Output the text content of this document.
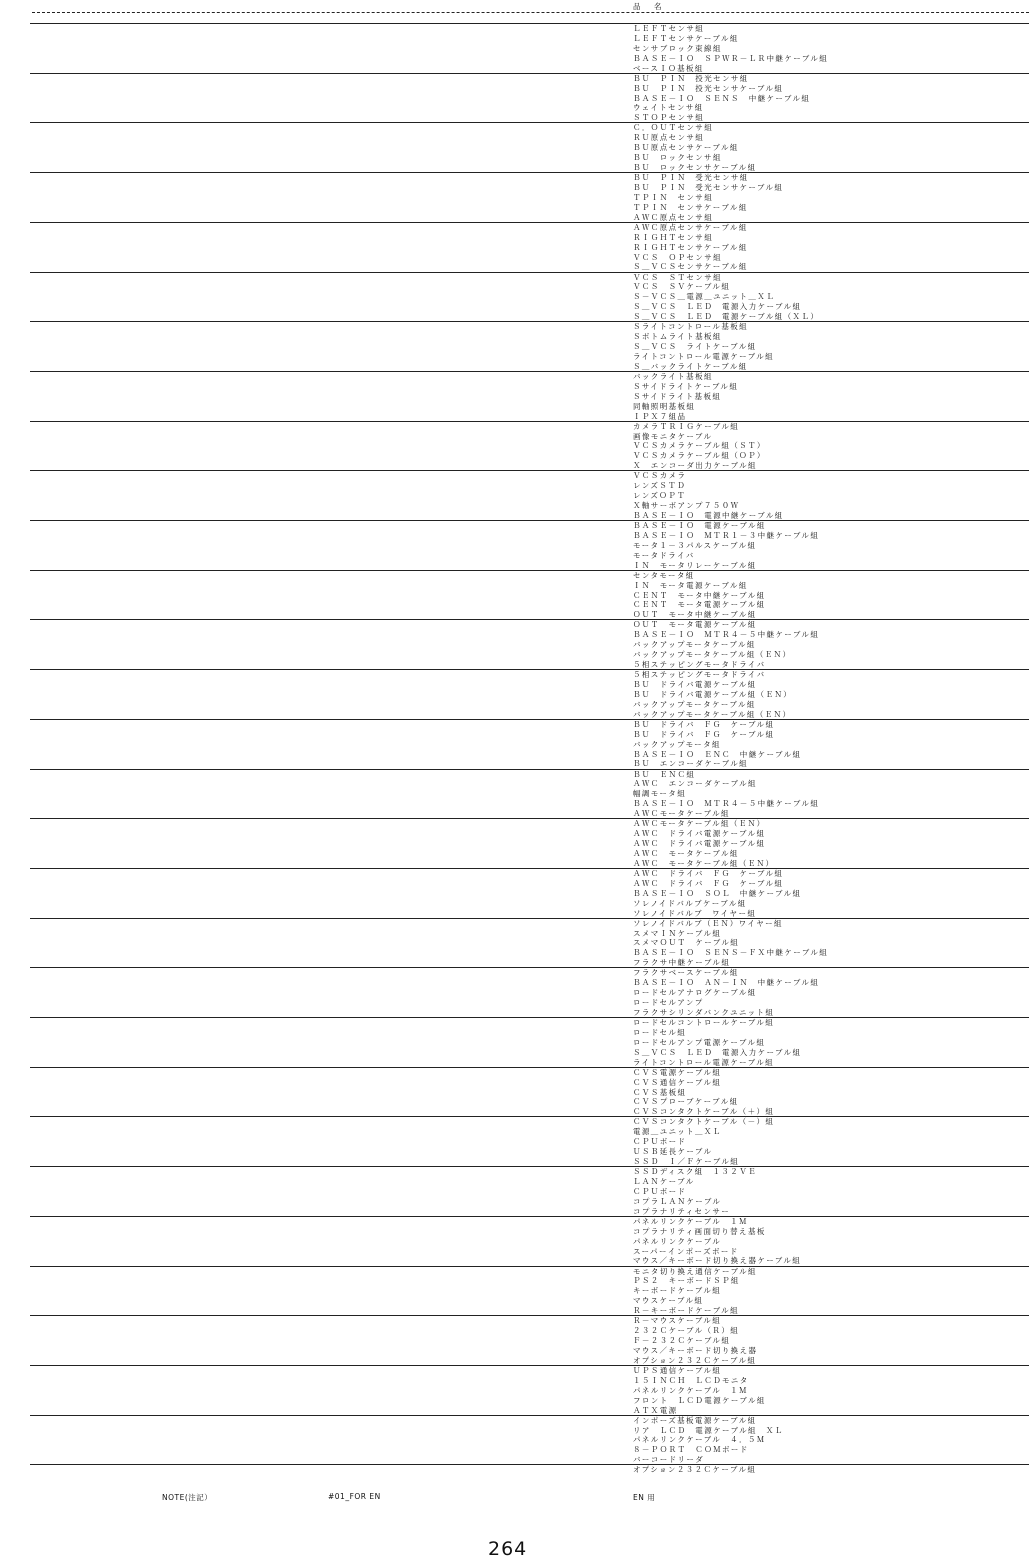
品　名
ＬＥＦＴセンサ組
ＬＥＦＴセンサケーブル組
センサブロック束線組
ＢＡＳＥ－ＩＯ　ＳＰＷＲ－ＬＲ中継ケーブル組
ベースＩＯ基板組
ＢＵ　ＰＩＮ　投光センサ組
ＢＵ　ＰＩＮ　投光センサケーブル組
ＢＡＳＥ－ＩＯ　ＳＥＮＳ　中継ケーブル組
ウェイトセンサ組
ＳＴＯＰセンサ組
Ｃ．ＯＵＴセンサ組
ＲＵ原点センサ組
ＢＵ原点センサケーブル組
ＢＵ　ロックセンサ組
ＢＵ　ロックセンサケーブル組
ＢＵ　ＰＩＮ　受光センサ組
ＢＵ　ＰＩＮ　受光センサケーブル組
ＴＰＩＮ　センサ組
ＴＰＩＮ　センサケーブル組
ＡＷＣ原点センサ組
ＡＷＣ原点センサケーブル組
ＲＩＧＨＴセンサ組
ＲＩＧＨＴセンサケーブル組
ＶＣＳ　ＯＰセンサ組
Ｓ＿ＶＣＳセンサケーブル組
ＶＣＳ　ＳＴセンサ組
ＶＣＳ　ＳＶケーブル組
Ｓ－ＶＣＳ＿電源＿ユニット＿ＸＬ
Ｓ＿ＶＣＳ　ＬＥＤ　電源入力ケーブル組
Ｓ＿ＶＣＳ　ＬＥＤ　電源ケーブル組（ＸＬ）
Ｓライトコントロール基板組
Ｓボトムライト基板組
Ｓ＿ＶＣＳ　ライトケーブル組
ライトコントロール電源ケーブル組
Ｓ＿バックライトケーブル組
バックライト基板組
Ｓサイドライトケーブル組
Ｓサイドライト基板組
同軸照明基板組
ＩＰＸ７組品
カメラＴＲＩＧケーブル組
画像モニタケーブル
ＶＣＳカメラケーブル組（ＳＴ）
ＶＣＳカメラケーブル組（ＯＰ）
Ｘ　エンコーダ出力ケーブル組
ＶＣＳカメラ
レンズＳＴＤ
レンズＯＰＴ
Ｘ軸サーボアンプ７５０Ｗ
ＢＡＳＥ－ＩＯ　電源中継ケーブル組
ＢＡＳＥ－ＩＯ　電源ケーブル組
ＢＡＳＥ－ＩＯ　ＭＴＲ１－３中継ケーブル組
モータ１－３パルスケーブル組
モータドライバ
ＩＮ　モータリレーケーブル組
センタモータ組
ＩＮ　モータ電源ケーブル組
ＣＥＮＴ　モータ中継ケーブル組
ＣＥＮＴ　モータ電源ケーブル組
ＯＵＴ　モータ中継ケーブル組
ＯＵＴ　モータ電源ケーブル組
ＢＡＳＥ－ＩＯ　ＭＴＲ４－５中継ケーブル組
バックアップモータケーブル組
バックアップモータケーブル組（ＥＮ）
５相ステッピングモータドライバ
５相ステッピングモータドライバ
ＢＵ　ドライバ電源ケーブル組
ＢＵ　ドライバ電源ケーブル組（ＥＮ）
バックアップモータケーブル組
バックアップモータケーブル組（ＥＮ）
ＢＵ　ドライバ　ＦＧ　ケーブル組
ＢＵ　ドライバ　ＦＧ　ケーブル組
バックアップモータ組
ＢＡＳＥ－ＩＯ　ＥＮＣ　中継ケーブル組
ＢＵ　エンコーダケーブル組
ＢＵ　ＥＮＣ組
ＡＷＣ　エンコーダケーブル組
幅調モータ組
ＢＡＳＥ－ＩＯ　ＭＴＲ４－５中継ケーブル組
ＡＷＣモータケーブル組
ＡＷＣモータケーブル組（ＥＮ）
ＡＷＣ　ドライバ電源ケーブル組
ＡＷＣ　ドライバ電源ケーブル組
ＡＷＣ　モータケーブル組
ＡＷＣ　モータケーブル組（ＥＮ）
ＡＷＣ　ドライバ　ＦＧ　ケーブル組
ＡＷＣ　ドライバ　ＦＧ　ケーブル組
ＢＡＳＥ－ＩＯ　ＳＯＬ　中継ケーブル組
ソレノイドバルブケーブル組
ソレノイドバルブ　ワイヤー組
ソレノイドバルブ（ＥＮ）ワイヤー組
スメマＩＮケーブル組
スメマＯＵＴ　ケーブル組
ＢＡＳＥ－ＩＯ　ＳＥＮＳ－ＦＸ中継ケーブル組
フラクサ中継ケーブル組
フラクサベースケーブル組
ＢＡＳＥ－ＩＯ　ＡＮ－ＩＮ　中継ケーブル組
ロードセルアナログケーブル組
ロードセルアンプ
フラクサシリンダバンクユニット組
ロードセルコントロールケーブル組
ロードセル組
ロードセルアンプ電源ケーブル組
Ｓ＿ＶＣＳ　ＬＥＤ　電源入力ケーブル組
ライトコントロール電源ケーブル組
ＣＶＳ電源ケーブル組
ＣＶＳ通信ケーブル組
ＣＶＳ基板組
ＣＶＳプローブケーブル組
ＣＶＳコンタクトケーブル（＋）組
ＣＶＳコンタクトケーブル（－）組
電源＿ユニット＿ＸＬ
ＣＰＵボード
ＵＳＢ延長ケーブル
ＳＳＤ　Ｉ／Ｆケーブル組
ＳＳＤディスク組　１３２ＶＥ
ＬＡＮケーブル
ＣＰＵボード
コプラＬＡＮケーブル
コプラナリティセンサー
パネルリンクケーブル　１Ｍ
コプラナリティ画面切り替え基板
パネルリンクケーブル
スーパーインポーズボード
マウス／キーボード切り換え器ケーブル組
モニタ切り換え通信ケーブル組
ＰＳ２　キーボードＳＰ組
キーボードケーブル組
マウスケーブル組
Ｒ－キーボードケーブル組
Ｒ－マウスケーブル組
２３２Ｃケーブル（Ｒ）組
Ｆ－２３２Ｃケーブル組
マウス／キーボード切り換え器
オプション２３２Ｃケーブル組
ＵＰＳ通信ケーブル組
１５ＩＮＣＨ　ＬＣＤモニタ
パネルリンクケーブル　１Ｍ
フロント　ＬＣＤ電源ケーブル組
ＡＴＸ電源
インポーズ基板電源ケーブル組
リア　ＬＣＤ　電源ケーブル組　ＸＬ
パネルリンクケーブル　４．５Ｍ
８－ＰＯＲＴ　ＣＯＭボード
バーコードリーダ
オプション２３２Ｃケーブル組
NOTE(注記）	#01_FOR EN	EN 用
264
